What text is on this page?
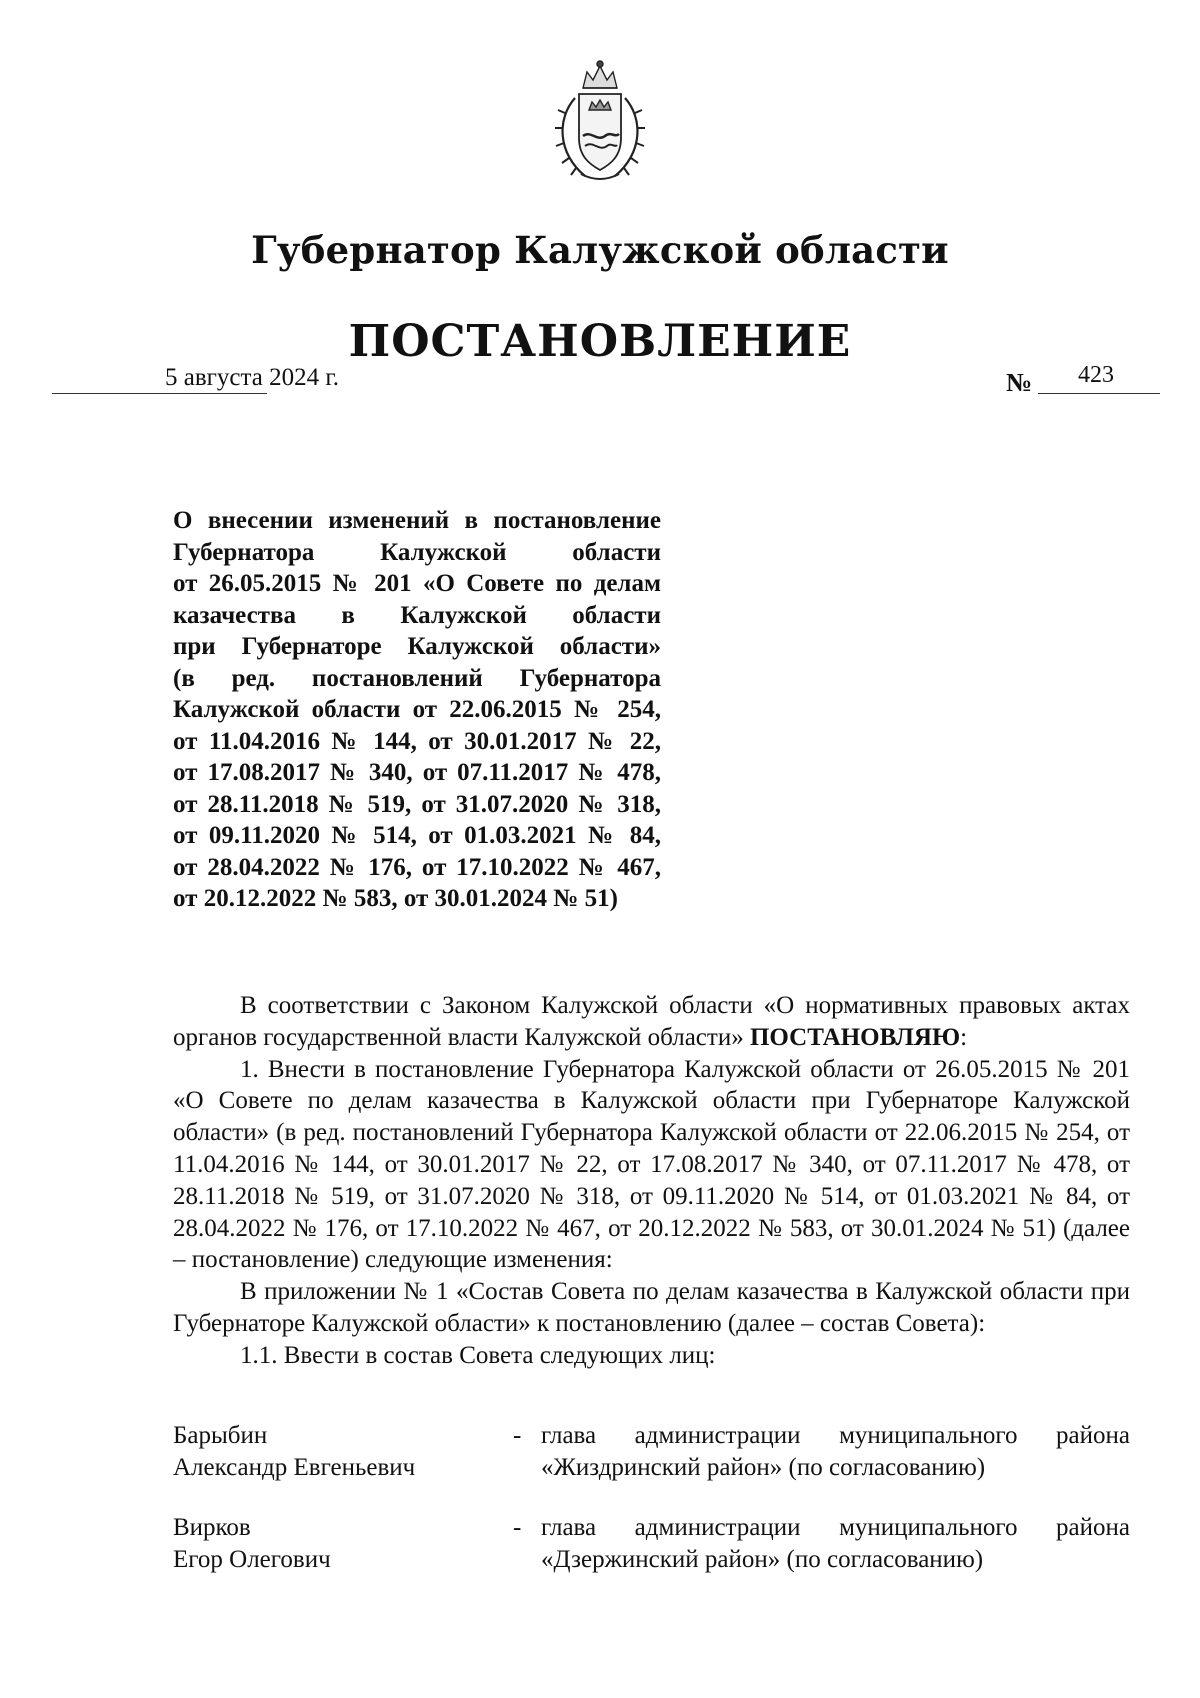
Губернатор Калужской области
ПОСТАНОВЛЕНИЕ
5 августа 2024 г.	№ 423
О внесении изменений в постановление
Губернатора Калужской области
от 26.05.2015 № 201 «О Совете по делам
казачества в Калужской области
при Губернаторе Калужской области»
(в ред. постановлений Губернатора
Калужской области от 22.06.2015 № 254,
от 11.04.2016 № 144, от 30.01.2017 № 22,
от 17.08.2017 № 340, от 07.11.2017 № 478,
от 28.11.2018 № 519, от 31.07.2020 № 318,
от 09.11.2020 № 514, от 01.03.2021 № 84,
от 28.04.2022 № 176, от 17.10.2022 № 467,
от 20.12.2022 № 583, от 30.01.2024 № 51)

В соответствии с Законом Калужской области «О нормативных правовых актах органов государственной власти Калужской области» ПОСТАНОВЛЯЮ:

1. Внести в постановление Губернатора Калужской области от 26.05.2015 № 201 «О Совете по делам казачества в Калужской области при Губернаторе Калужской области» (в ред. постановлений Губернатора Калужской области от 22.06.2015 № 254, от 11.04.2016 № 144, от 30.01.2017 № 22, от 17.08.2017 № 340, от 07.11.2017 № 478, от 28.11.2018 № 519, от 31.07.2020 № 318, от 09.11.2020 № 514, от 01.03.2021 № 84, от 28.04.2022 № 176, от 17.10.2022 № 467, от 20.12.2022 № 583, от 30.01.2024 № 51) (далее – постановление) следующие изменения:

В приложении № 1 «Состав Совета по делам казачества в Калужской области при Губернаторе Калужской области» к постановлению (далее – состав Совета):

1.1. Ввести в состав Совета следующих лиц:

Барыбин
Александр Евгеньевич
- глава администрации муниципального района
«Жиздринский район» (по согласованию)
Вирков
Егор Олегович
- глава администрации муниципального района
«Дзержинский район» (по согласованию)
